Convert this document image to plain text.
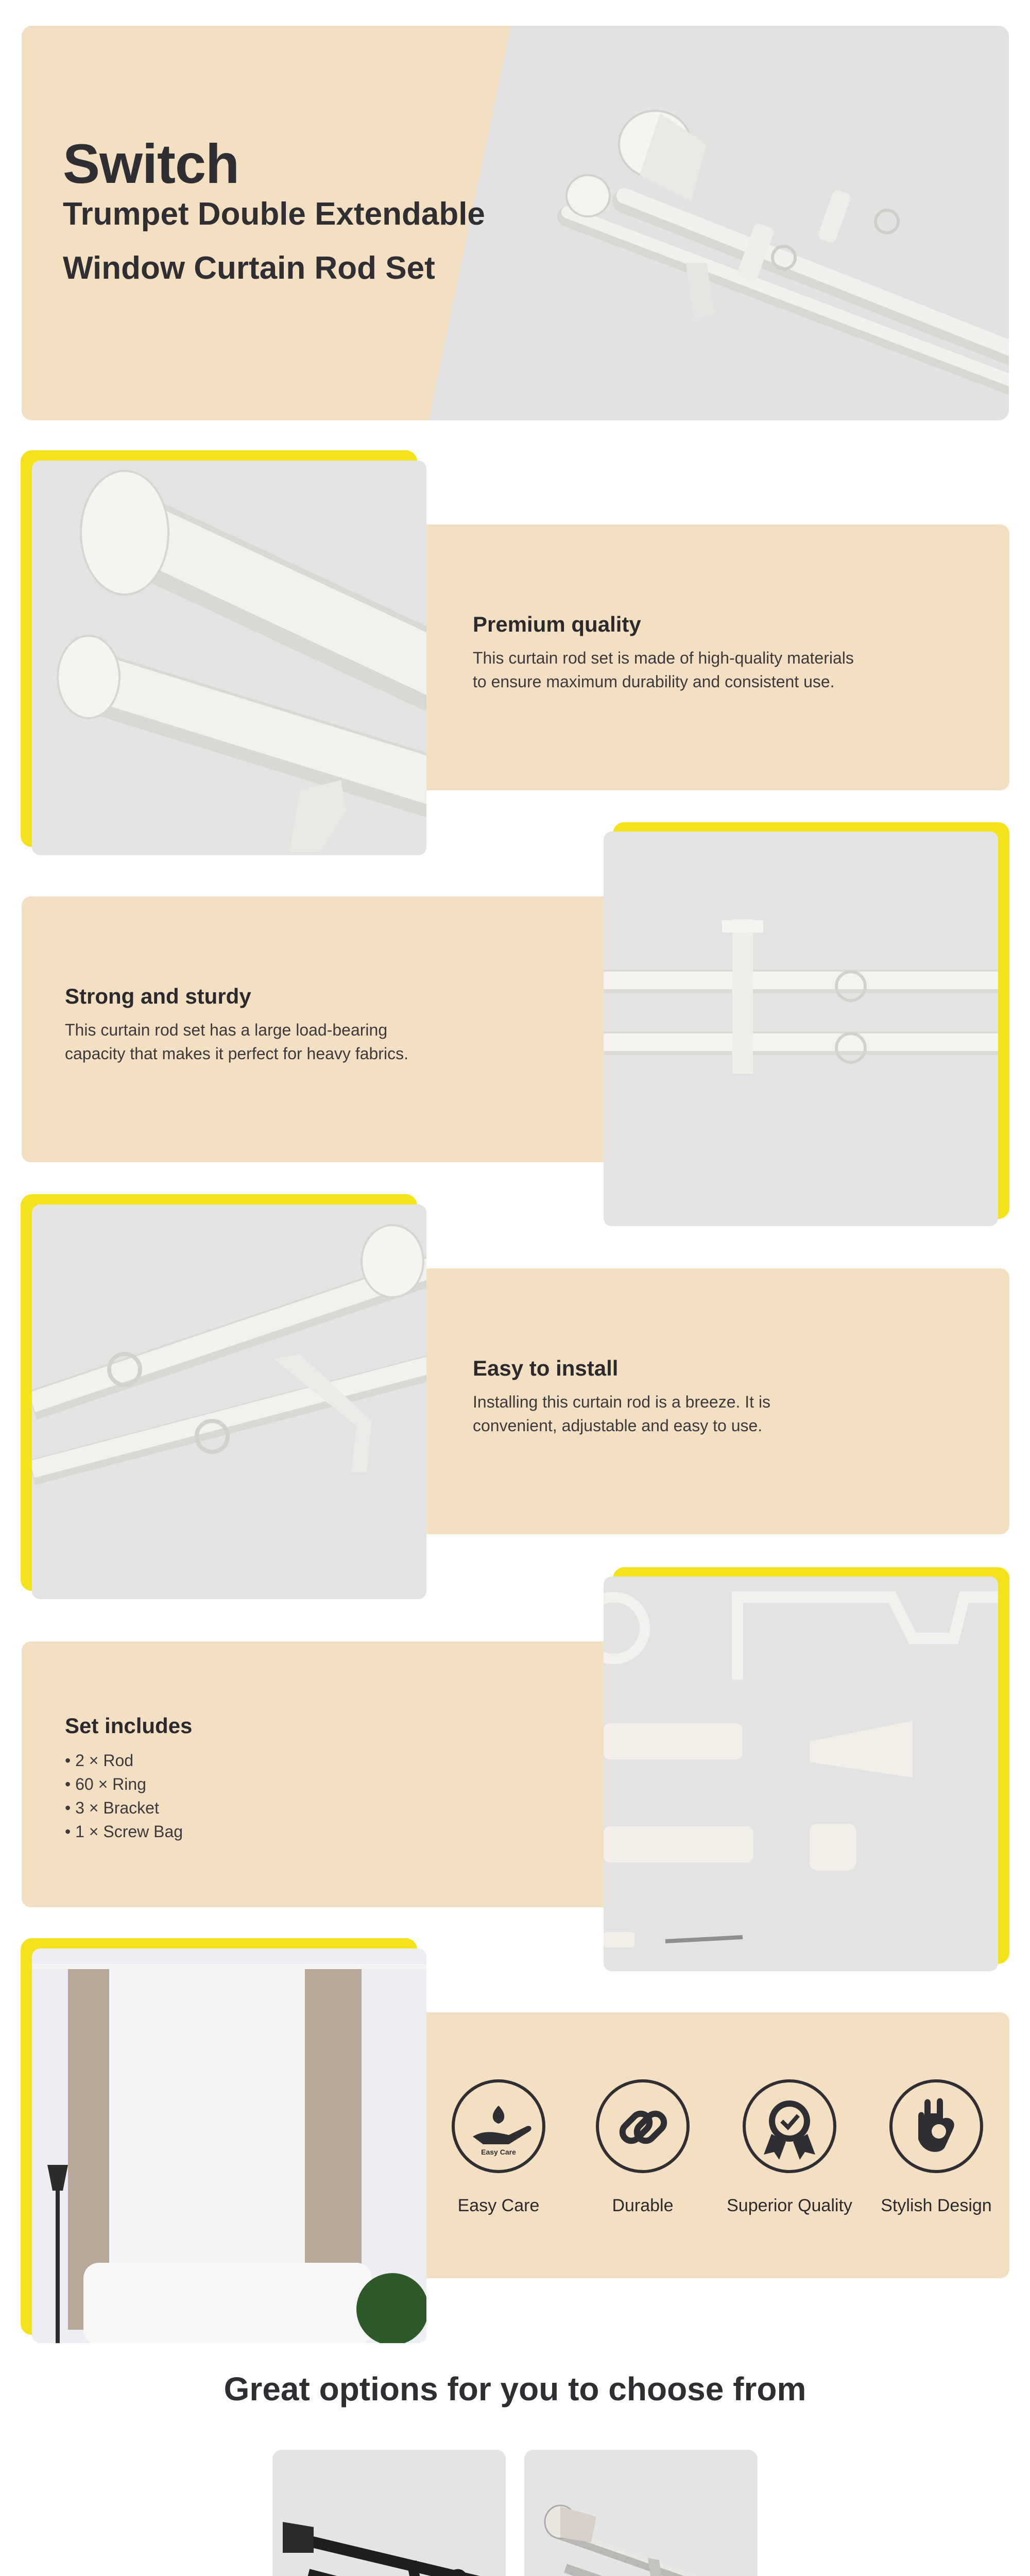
Switch
Trumpet Double Extendable
Window Curtain Rod Set
Premium quality
This curtain rod set is made of high-quality materials
to ensure maximum durability and consistent use.
Strong and sturdy
This curtain rod set has a large load-bearing
capacity that makes it perfect for heavy fabrics.
Easy to install
Installing this curtain rod is a breeze. It is
convenient, adjustable and easy to use.
Set includes
• 2 × Rod
• 60 × Ring
• 3 × Bracket
• 1 × Screw Bag
Easy Care
Easy Care	Durable	Superior Quality	Stylish Design
Great options for you to choose from
